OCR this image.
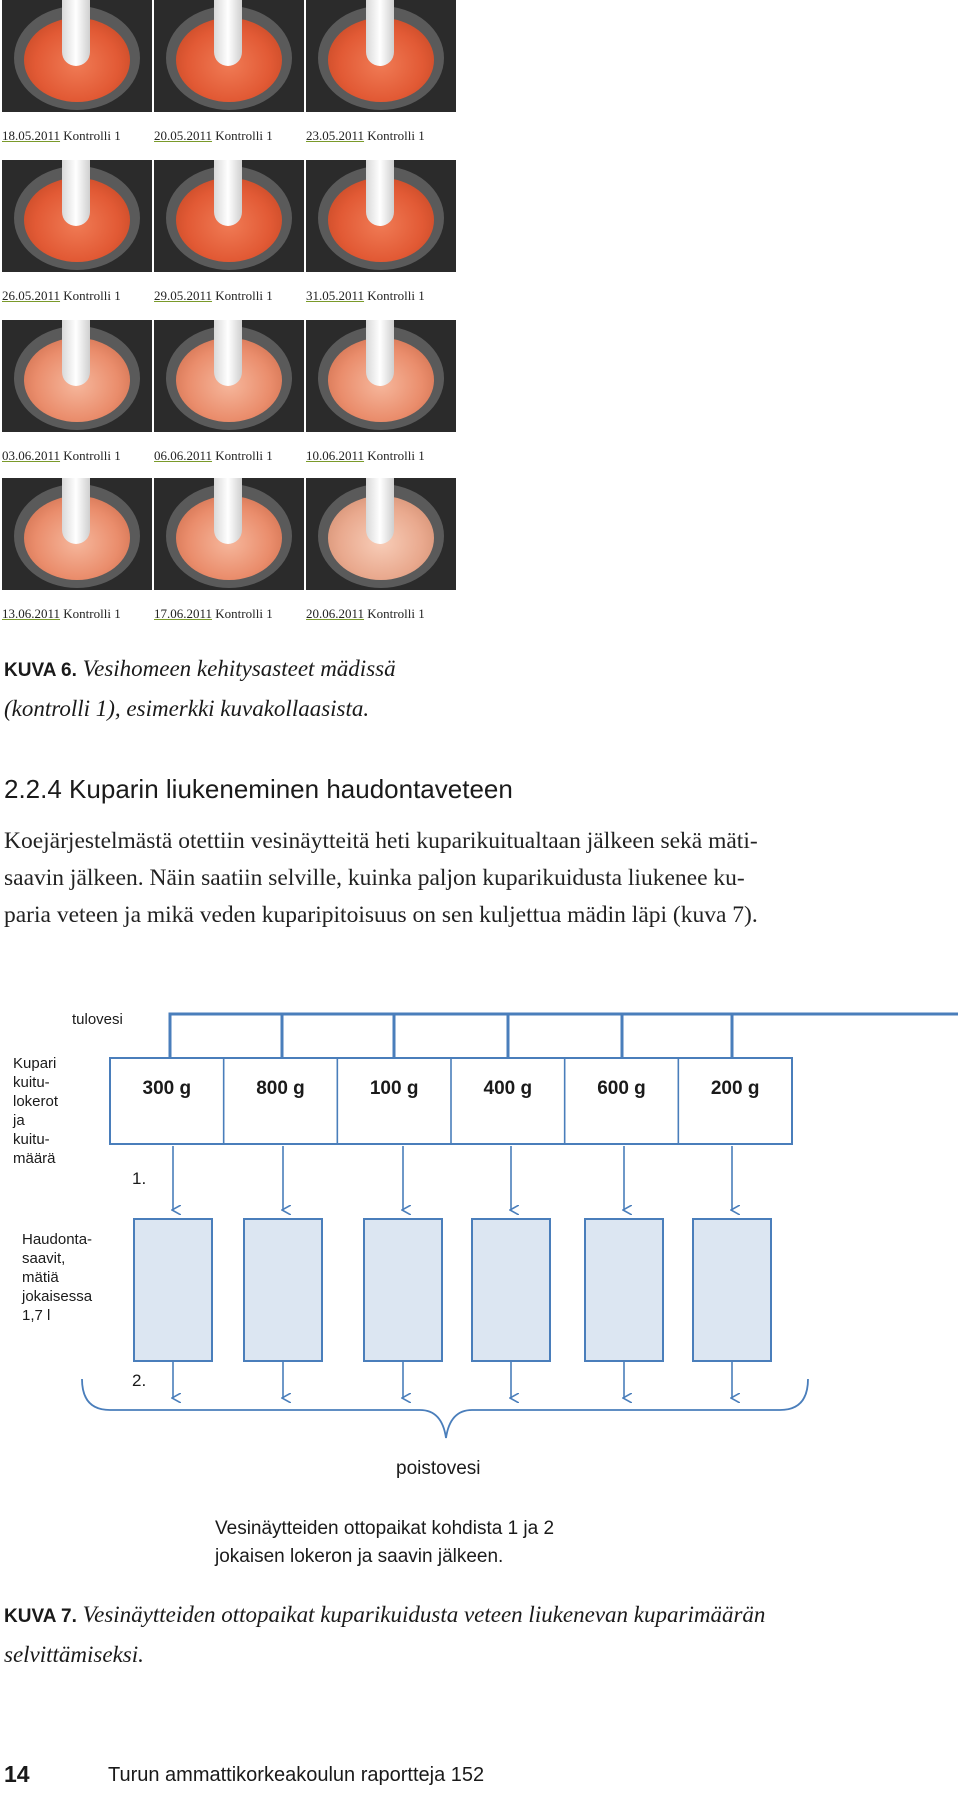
18.05.2011 Kontrolli 1	20.05.2011 Kontrolli 1	23.05.2011 Kontrolli 1
26.05.2011 Kontrolli 1	29.05.2011 Kontrolli 1	31.05.2011 Kontrolli 1
03.06.2011 Kontrolli 1	06.06.2011 Kontrolli 1	10.06.2011 Kontrolli 1
13.06.2011 Kontrolli 1	17.06.2011 Kontrolli 1	20.06.2011 Kontrolli 1
KUVA 6. Vesihomeen kehitysasteet mädissä
(kontrolli 1), esimerkki kuvakollaasista.
2.2.4 Kuparin liukeneminen haudontaveteen
Koejärjestelmästä otettiin vesinäytteitä heti kuparikuitualtaan jälkeen sekä mäti-
saavin jälkeen. Näin saatiin selville, kuinka paljon kuparikuidusta liukenee ku-
paria veteen ja mikä veden kuparipitoisuus on sen kuljettua mädin läpi (kuva 7).
tulovesi
Kupari
kuitu-
lokerot
ja
kuitu-
määrä
Haudonta-
saavit,
mätiä
jokaisessa
1,7 l
300 g	800 g	100 g	400 g	600 g	200 g
1.
2.
poistovesi
Vesinäytteiden ottopaikat kohdista 1 ja 2
jokaisen lokeron ja saavin jälkeen.
KUVA 7. Vesinäytteiden ottopaikat kuparikuidusta veteen liukenevan kuparimäärän
selvittämiseksi.
14	Turun ammattikorkeakoulun raportteja 152
